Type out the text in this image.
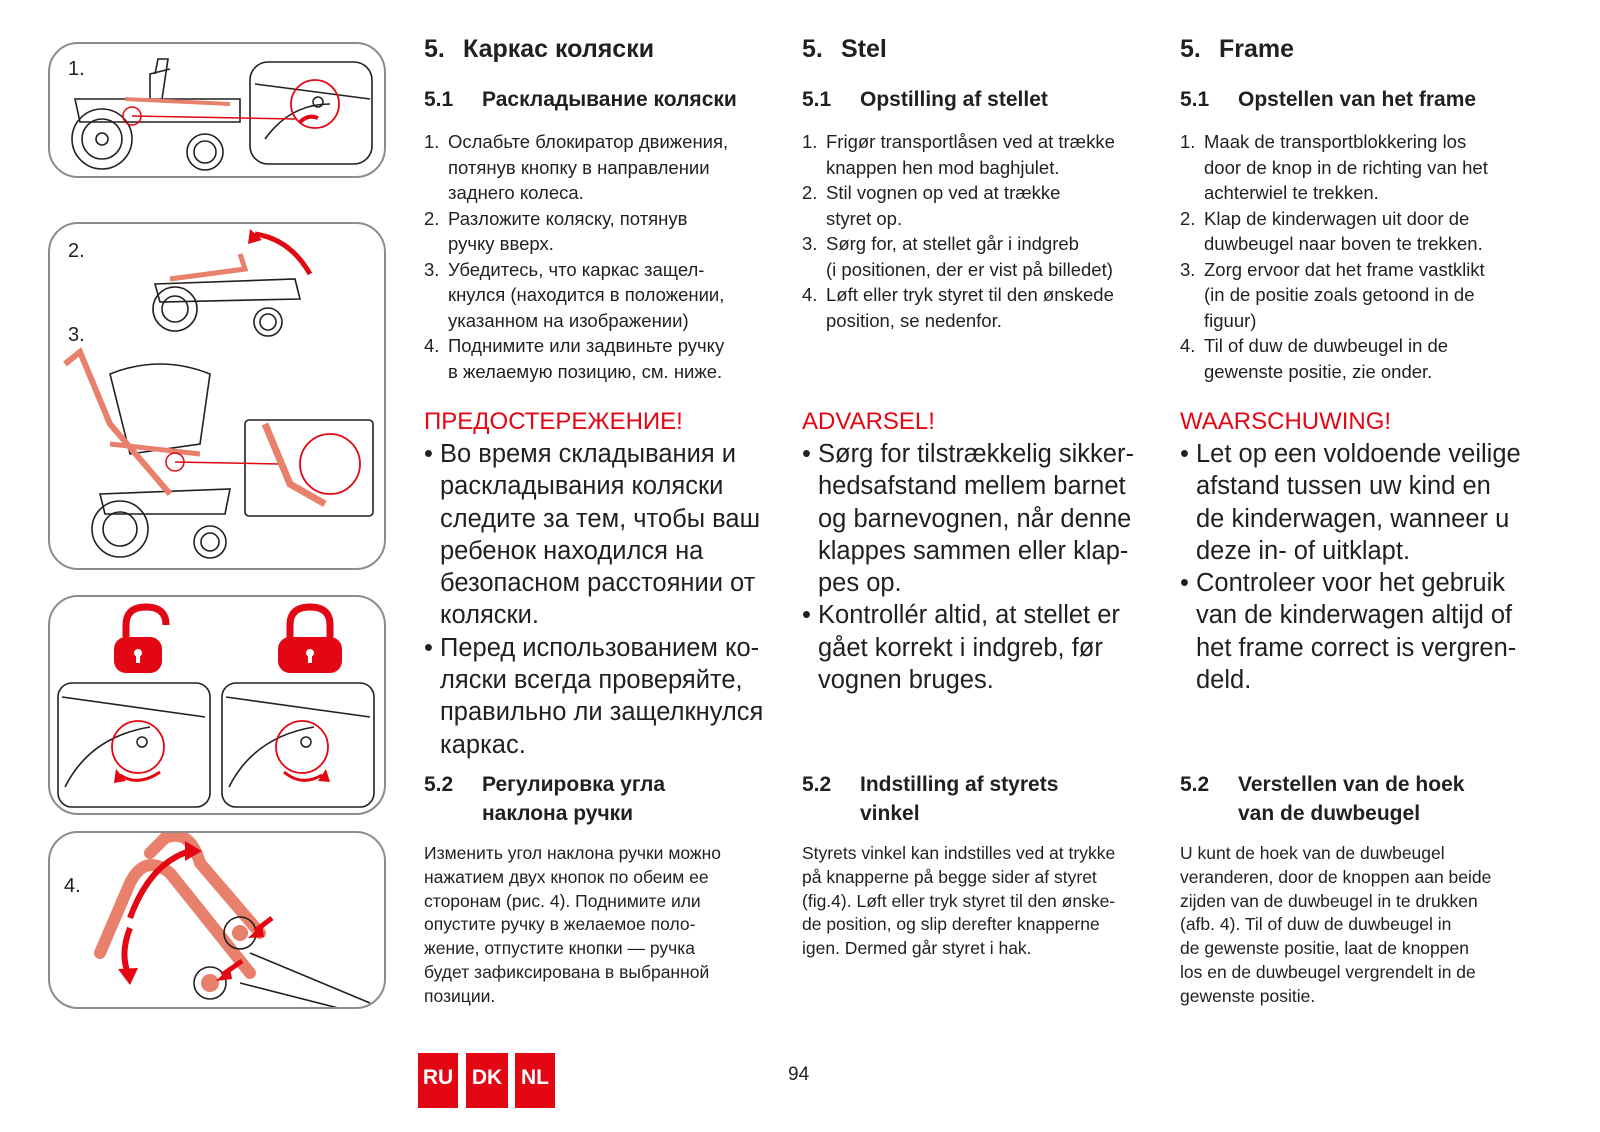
1.
2.
3.
4.
5. Каркас коляски
5.1 Раскладывание коляски
1. Ослабьте блокиратор движения,
потянув кнопку в направлении
заднего колеса.
2. Разложите коляску, потянув
ручку вверх.
3. Убедитесь, что каркас защел-
кнулся (находится в положении,
указанном на изображении)
4. Поднимите или задвиньте ручку
в желаемую позицию, см. ниже.
ПРЕДОСТЕРЕЖЕНИЕ!
• Во время складывания и
раскладывания коляски
следите за тем, чтобы ваш
ребенок находился на
безопасном расстоянии от
коляски.
• Перед использованием ко-
ляски всегда проверяйте,
правильно ли защелкнулся
каркас.
5.2 Регулировка угла
наклона ручки
Изменить угол наклона ручки можно
нажатием двух кнопок по обеим ее
сторонам (рис. 4). Поднимите или
опустите ручку в желаемое поло-
жение, отпустите кнопки — ручка
будет зафиксирована в выбранной
позиции.
5. Stel
5.1 Opstilling af stellet
1. Frigør transportlåsen ved at trække
knappen hen mod baghjulet.
2. Stil vognen op ved at trække
styret op.
3. Sørg for, at stellet går i indgreb
(i positionen, der er vist på billedet)
4. Løft eller tryk styret til den ønskede
position, se nedenfor.
ADVARSEL!
• Sørg for tilstrækkelig sikker-
hedsafstand mellem barnet
og barnevognen, når denne
klappes sammen eller klap-
pes op.
• Kontrollér altid, at stellet er
gået korrekt i indgreb, før
vognen bruges.
5.2 Indstilling af styrets
vinkel
Styrets vinkel kan indstilles ved at trykke
på knapperne på begge sider af styret
(fig.4). Løft eller tryk styret til den ønske-
de position, og slip derefter knapperne
igen. Dermed går styret i hak.
5. Frame
5.1 Opstellen van het frame
1. Maak de transportblokkering los
door de knop in de richting van het
achterwiel te trekken.
2. Klap de kinderwagen uit door de
duwbeugel naar boven te trekken.
3. Zorg ervoor dat het frame vastklikt
(in de positie zoals getoond in de
figuur)
4. Til of duw de duwbeugel in de
gewenste positie, zie onder.
WAARSCHUWING!
• Let op een voldoende veilige
afstand tussen uw kind en
de kinderwagen, wanneer u
deze in- of uitklapt.
• Controleer voor het gebruik
van de kinderwagen altijd of
het frame correct is vergren-
deld.
5.2 Verstellen van de hoek
van de duwbeugel
U kunt de hoek van de duwbeugel
veranderen, door de knoppen aan beide
zijden van de duwbeugel in te drukken
(afb. 4). Til of duw de duwbeugel in
de gewenste positie, laat de knoppen
los en de duwbeugel vergrendelt in de
gewenste positie.
RU DK NL	94
